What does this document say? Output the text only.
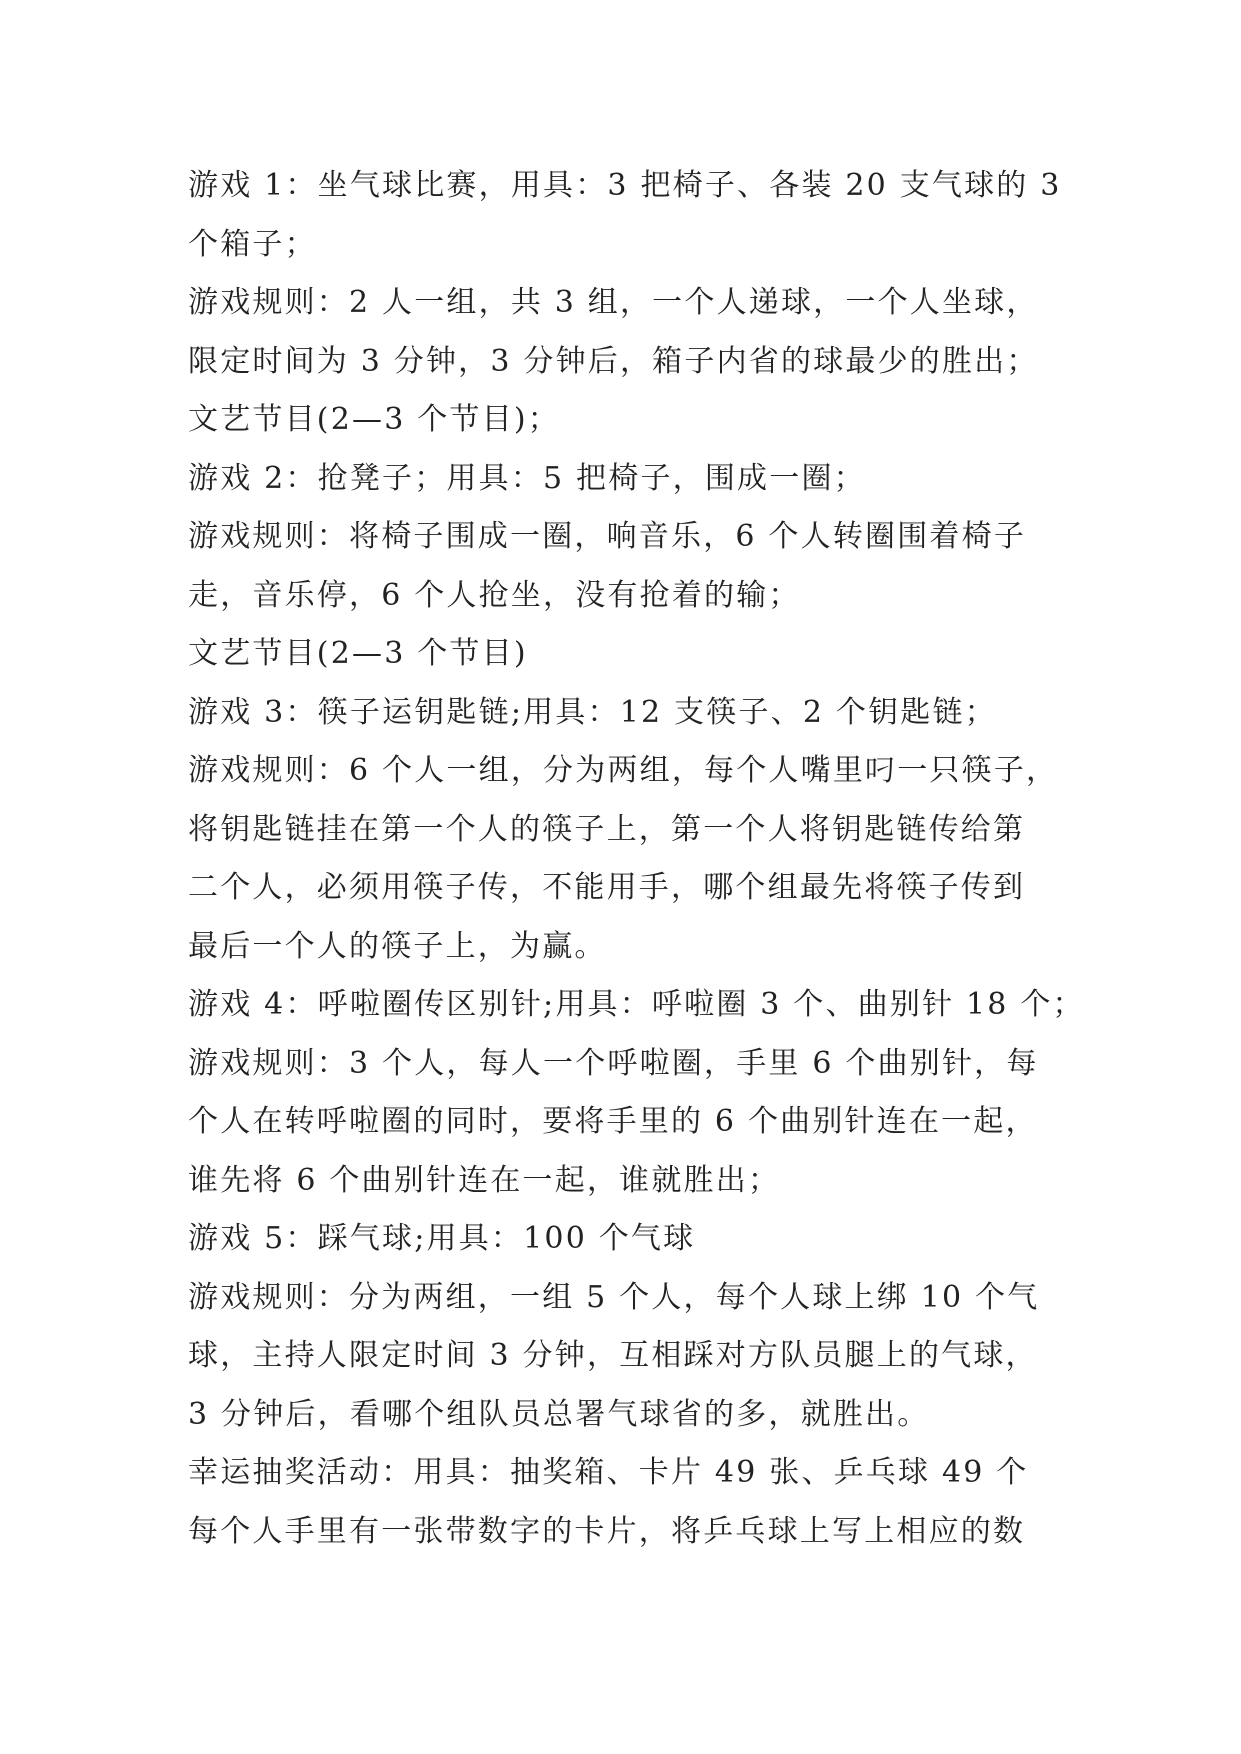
游戏 1：坐气球比赛，用具：3 把椅子、各装 20 支气球的 3
个箱子；
游戏规则：2 人一组，共 3 组，一个人递球，一个人坐球，
限定时间为 3 分钟，3 分钟后，箱子内省的球最少的胜出；
文艺节目(2—3 个节目)；
游戏 2：抢凳子；用具：5 把椅子，围成一圈；
游戏规则：将椅子围成一圈，响音乐，6 个人转圈围着椅子
走，音乐停，6 个人抢坐，没有抢着的输；
文艺节目(2—3 个节目)
游戏 3：筷子运钥匙链;用具：12 支筷子、2 个钥匙链；
游戏规则：6 个人一组，分为两组，每个人嘴里叼一只筷子，
将钥匙链挂在第一个人的筷子上，第一个人将钥匙链传给第
二个人，必须用筷子传，不能用手，哪个组最先将筷子传到
最后一个人的筷子上，为赢。
游戏 4：呼啦圈传区别针;用具：呼啦圈 3 个、曲别针 18 个；
游戏规则：3 个人，每人一个呼啦圈，手里 6 个曲别针，每
个人在转呼啦圈的同时，要将手里的 6 个曲别针连在一起，
谁先将 6 个曲别针连在一起，谁就胜出；
游戏 5：踩气球;用具：100 个气球
游戏规则：分为两组，一组 5 个人，每个人球上绑 10 个气
球，主持人限定时间 3 分钟，互相踩对方队员腿上的气球，
3 分钟后，看哪个组队员总署气球省的多，就胜出。
幸运抽奖活动：用具：抽奖箱、卡片 49 张、乒乓球 49 个
每个人手里有一张带数字的卡片，将乒乓球上写上相应的数
